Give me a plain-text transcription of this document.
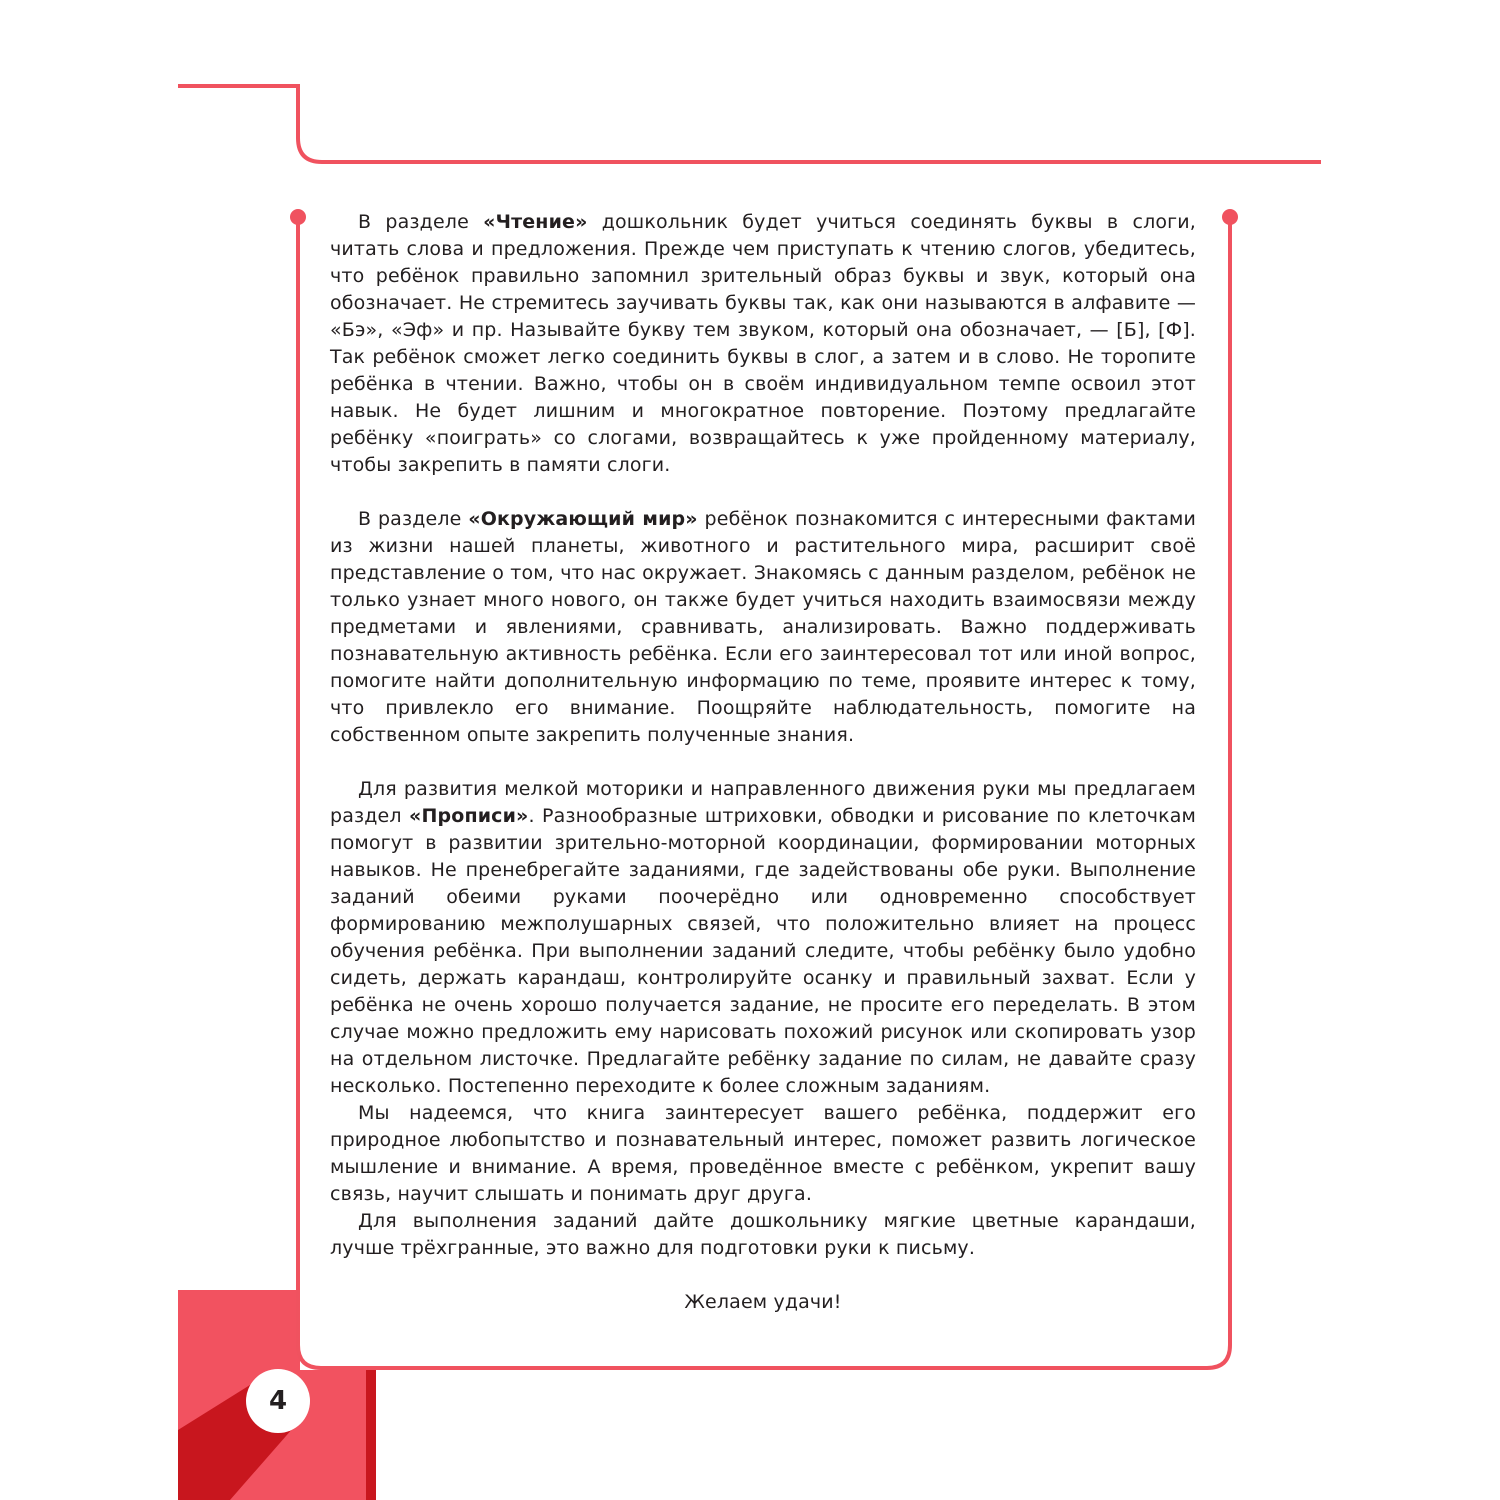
В разделе «Чтение» дошкольник будет учиться соединять буквы в слоги, читать слова и предложения. Прежде чем приступать к чтению слогов, убедитесь, что ребёнок правильно запомнил зрительный образ буквы и звук, который она обозначает. Не стремитесь заучивать буквы так, как они называются в алфавите — «Бэ», «Эф» и пр. Называйте букву тем звуком, который она обозначает, — [Б], [Ф]. Так ребёнок сможет легко соединить буквы в слог, а затем и в слово. Не торопите ребёнка в чтении. Важно, чтобы он в своём индивидуальном темпе освоил этот навык. Не будет лишним и многократное повторение. Поэтому предлагайте ребёнку «поиграть» со слогами, возвращайтесь к уже пройденному материалу, чтобы закрепить в памяти слоги.

В разделе «Окружающий мир» ребёнок познакомится с интересными фактами из жизни нашей планеты, животного и растительного мира, расширит своё представление о том, что нас окружает. Знакомясь с данным разделом, ребёнок не только узнает много нового, он также будет учиться находить взаимосвязи между предметами и явлениями, сравнивать, анализировать. Важно поддерживать познавательную активность ребёнка. Если его заинтересовал тот или иной вопрос, помогите найти дополнительную информацию по теме, проявите интерес к тому, что привлекло его внимание. Поощряйте наблюдательность, помогите на собственном опыте закрепить полученные знания.

Для развития мелкой моторики и направленного движения руки мы предлагаем раздел «Прописи». Разнообразные штриховки, обводки и рисование по клеточкам помогут в развитии зрительно-моторной координации, формировании моторных навыков. Не пренебрегайте заданиями, где задействованы обе руки. Выполнение заданий обеими руками поочерёдно или одновременно способствует формированию межполушарных связей, что положительно влияет на процесс обучения ребёнка. При выполнении заданий следите, чтобы ребёнку было удобно сидеть, держать карандаш, контролируйте осанку и правильный захват. Если у ребёнка не очень хорошо получается задание, не просите его переделать. В этом случае можно предложить ему нарисовать похожий рисунок или скопировать узор на отдельном листочке. Предлагайте ребёнку задание по силам, не давайте сразу несколько. Постепенно переходите к более сложным заданиям.

Мы надеемся, что книга заинтересует вашего ребёнка, поддержит его природное любопытство и познавательный интерес, поможет развить логическое мышление и внимание. А время, проведённое вместе с ребёнком, укрепит вашу связь, научит слышать и понимать друг друга.

Для выполнения заданий дайте дошкольнику мягкие цветные карандаши, лучше трёхгранные, это важно для подготовки руки к письму.

Желаем удачи!

4
